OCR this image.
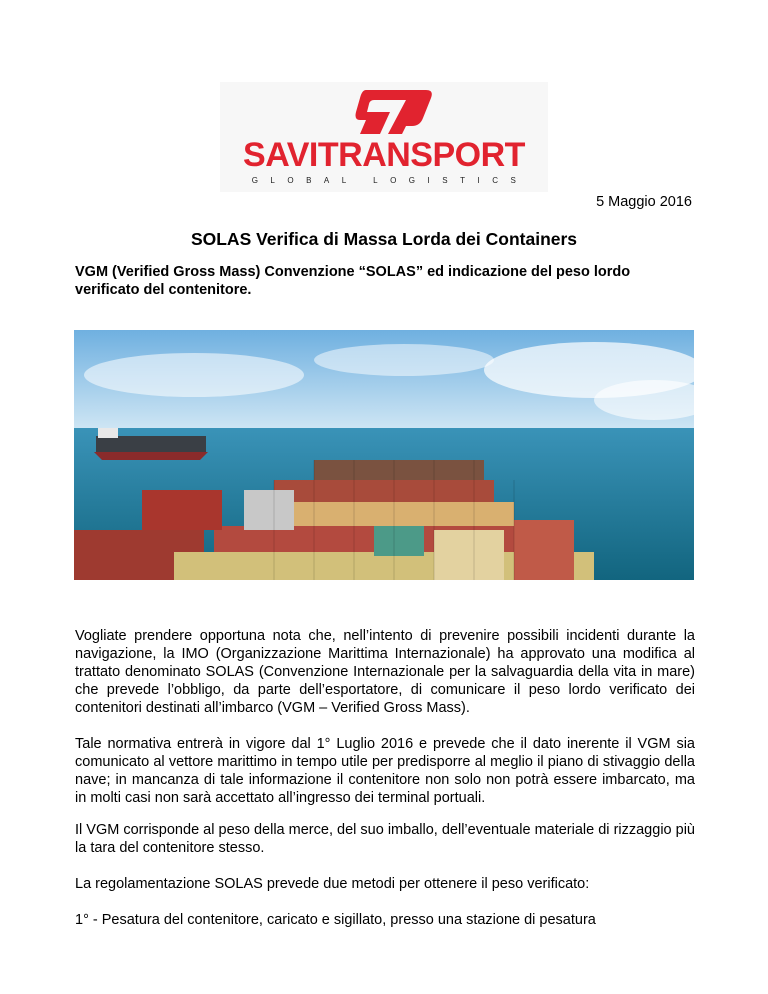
SAVITRANSPORT
GLOBAL LOGISTICS
5 Maggio 2016
SOLAS Verifica di Massa Lorda dei Containers
VGM (Verified Gross Mass) Convenzione “SOLAS” ed indicazione del peso lordo verificato del contenitore.
Vogliate prendere opportuna nota che, nell’intento di prevenire possibili incidenti durante la navigazione, la IMO (Organizzazione Marittima Internazionale) ha approvato una modifica al trattato denominato SOLAS (Convenzione Internazionale per la salvaguardia della vita in mare) che prevede l’obbligo, da parte dell’esportatore, di comunicare il peso lordo verificato dei contenitori destinati all’imbarco (VGM – Verified Gross Mass).
Tale normativa entrerà in vigore dal 1° Luglio 2016 e prevede che il dato inerente il VGM sia comunicato al vettore marittimo in tempo utile per predisporre al meglio il piano di stivaggio della nave; in mancanza di tale informazione il contenitore non solo non potrà essere imbarcato, ma in molti casi non sarà accettato all’ingresso dei terminal portuali.
Il VGM corrisponde al peso della merce, del suo imballo, dell’eventuale materiale di rizzaggio più la tara del contenitore stesso.
La regolamentazione SOLAS prevede due metodi per ottenere il peso verificato:
1° - Pesatura del contenitore, caricato e sigillato, presso una stazione di pesatura
